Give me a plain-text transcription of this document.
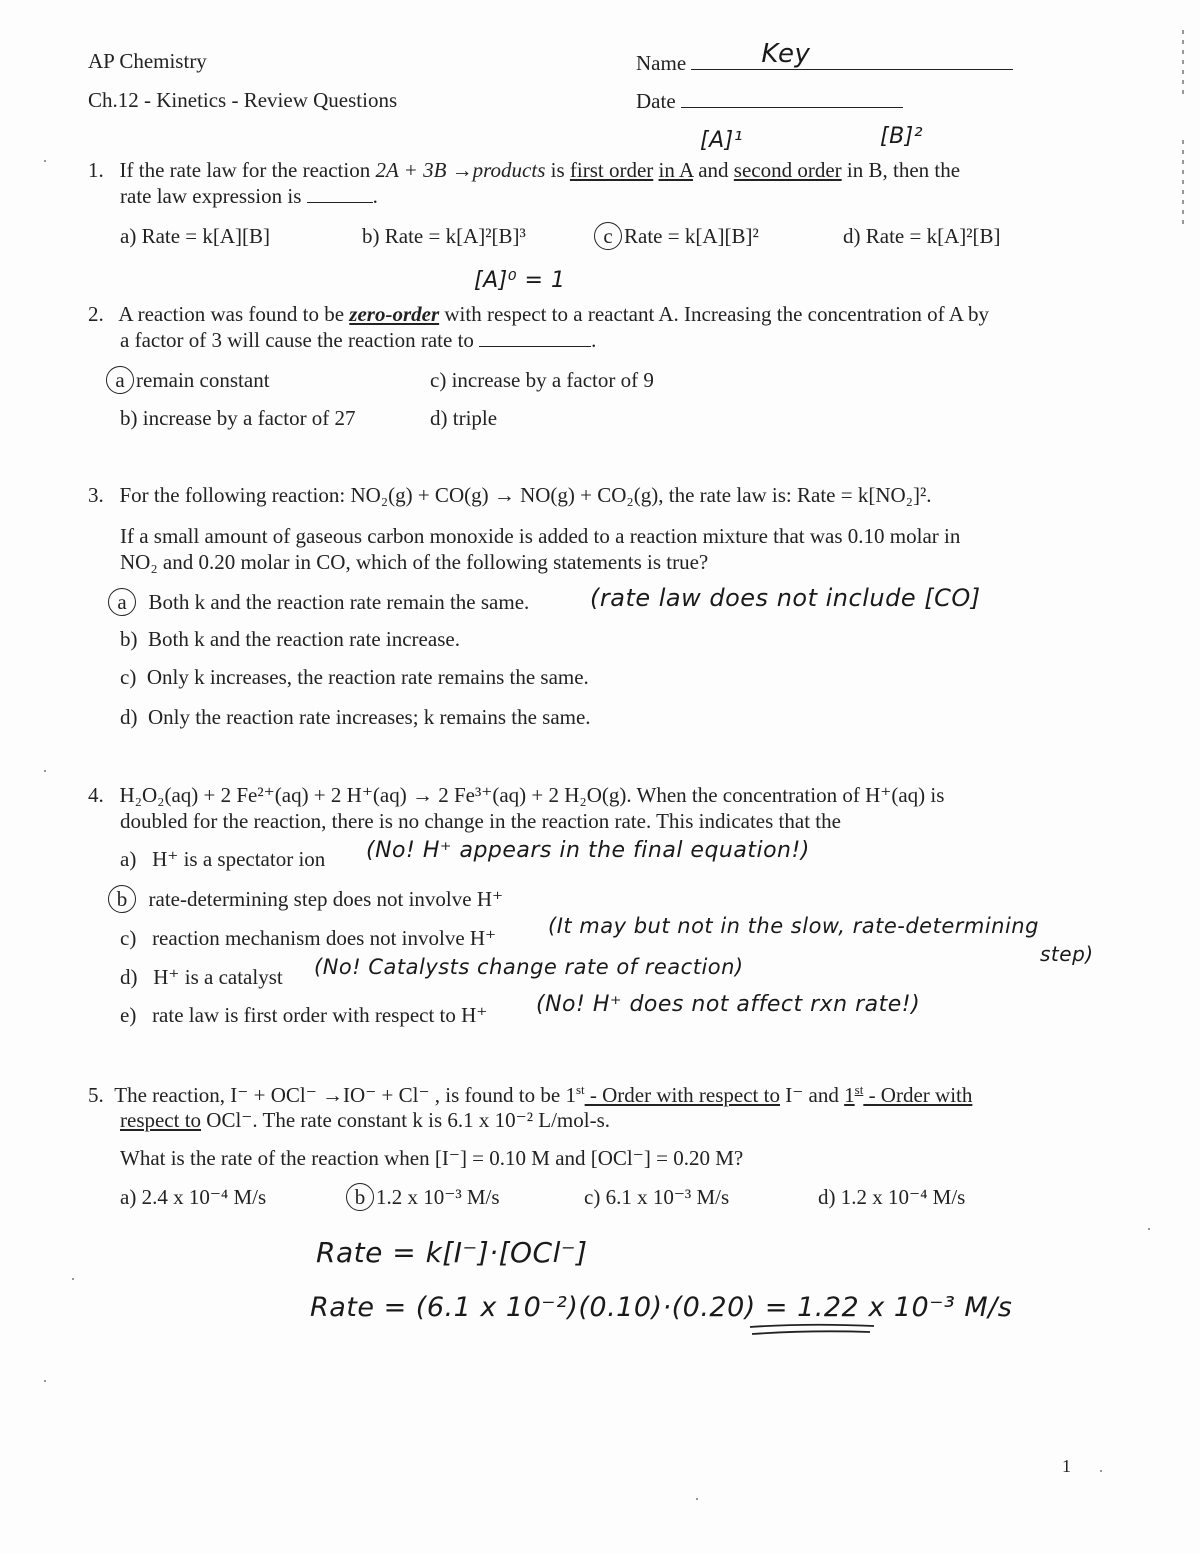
AP Chemistry
Ch.12 - Kinetics - Review Questions
Name	Key
Date
[A]¹	[B]²
1. If the rate law for the reaction 2A + 3B →products is first order in A and second order in B, then the
rate law expression is	.
a) Rate = k[A][B]	b) Rate = k[A]²[B]³	c Rate = k[A][B]²	d) Rate = k[A]²[B]
[A]⁰ = 1
2. A reaction was found to be zero-order with respect to a reactant A. Increasing the concentration of A by
a factor of 3 will cause the reaction rate to	.
a remain constant	c) increase by a factor of 9
b) increase by a factor of 27	d) triple
3. For the following reaction: NO₂(g) + CO(g) → NO(g) + CO₂(g), the rate law is: Rate = k[NO₂]².
If a small amount of gaseous carbon monoxide is added to a reaction mixture that was 0.10 molar in
NO₂ and 0.20 molar in CO, which of the following statements is true?
a Both k and the reaction rate remain the same.	(rate law does not include [CO]
b)  Both k and the reaction rate increase.
c)  Only k increases, the reaction rate remains the same.
d)  Only the reaction rate increases; k remains the same.
4. H₂O₂(aq) + 2 Fe²⁺(aq) + 2 H⁺(aq) → 2 Fe³⁺(aq) + 2 H₂O(g). When the concentration of H⁺(aq) is
doubled for the reaction, there is no change in the reaction rate. This indicates that the
a)   H⁺ is a spectator ion (No! H⁺ appears in the final equation!)
b rate-determining step does not involve H⁺
c)   reaction mechanism does not involve H⁺ (It may but not in the slow, rate-determining
step)
d)   H⁺ is a catalyst (No! Catalysts change rate of reaction)
e)   rate law is first order with respect to H⁺ (No! H⁺ does not affect rxn rate!)
5. The reaction, I⁻ + OCl⁻ →IO⁻ + Cl⁻ , is found to be 1st - Order with respect to I⁻ and 1st - Order with
respect to OCl⁻. The rate constant k is 6.1 x 10⁻² L/mol-s.
What is the rate of the reaction when [I⁻] = 0.10 M and [OCl⁻] = 0.20 M?
a) 2.4 x 10⁻⁴ M/s	b 1.2 x 10⁻³ M/s	c) 6.1 x 10⁻³ M/s	d) 1.2 x 10⁻⁴ M/s
Rate = k[I⁻]·[OCl⁻]
Rate = (6.1 x 10⁻²)(0.10)·(0.20) = 1.22 x 10⁻³ M/s
1
